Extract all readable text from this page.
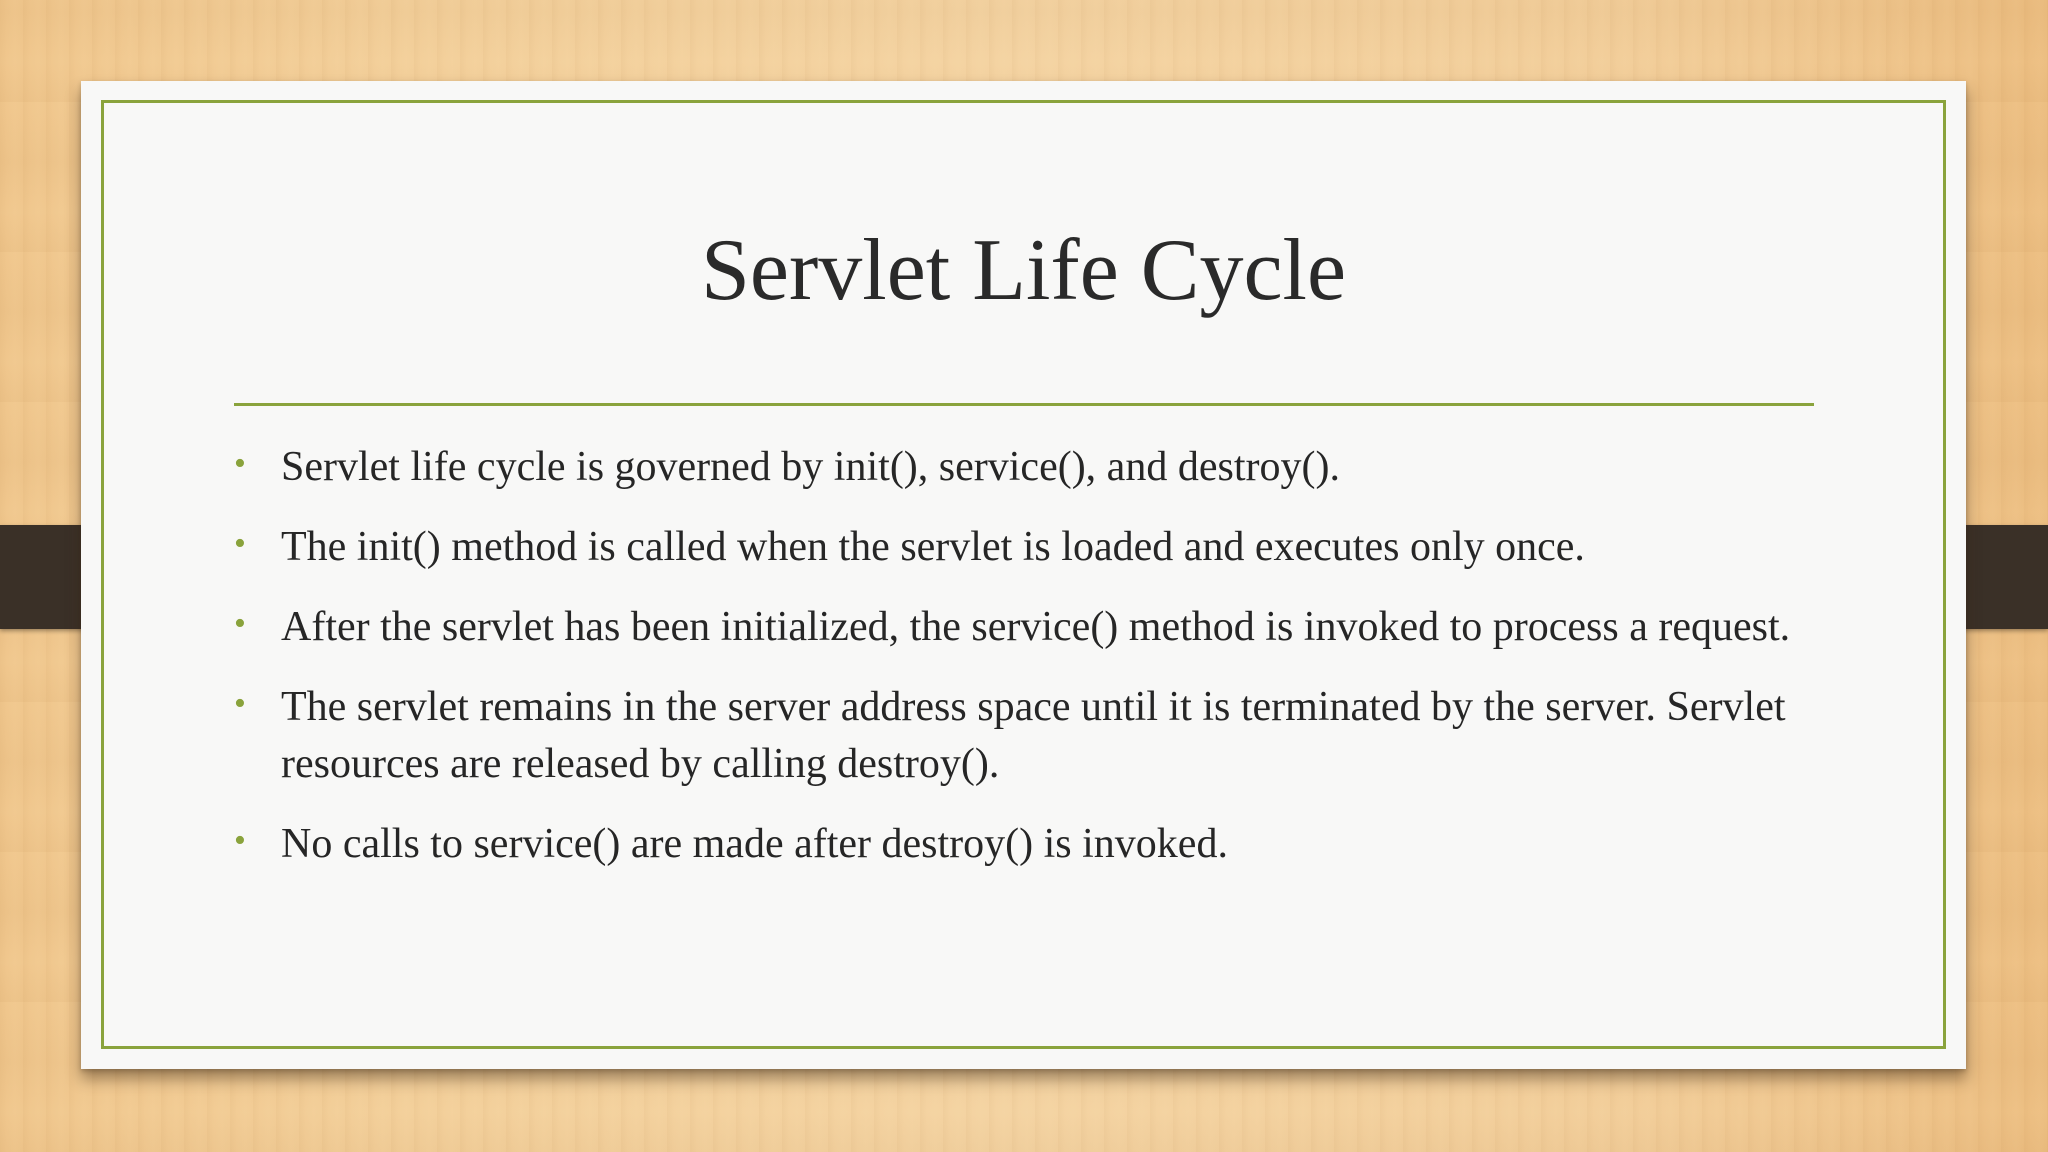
Servlet Life Cycle
• Servlet life cycle is governed by init(), service(), and destroy().
• The init() method is called when the servlet is loaded and executes only once.
• After the servlet has been initialized, the service() method is invoked to process a request.
• The servlet remains in the server address space until it is terminated by the server. Servlet resources are released by calling destroy().
• No calls to service() are made after destroy() is invoked.
